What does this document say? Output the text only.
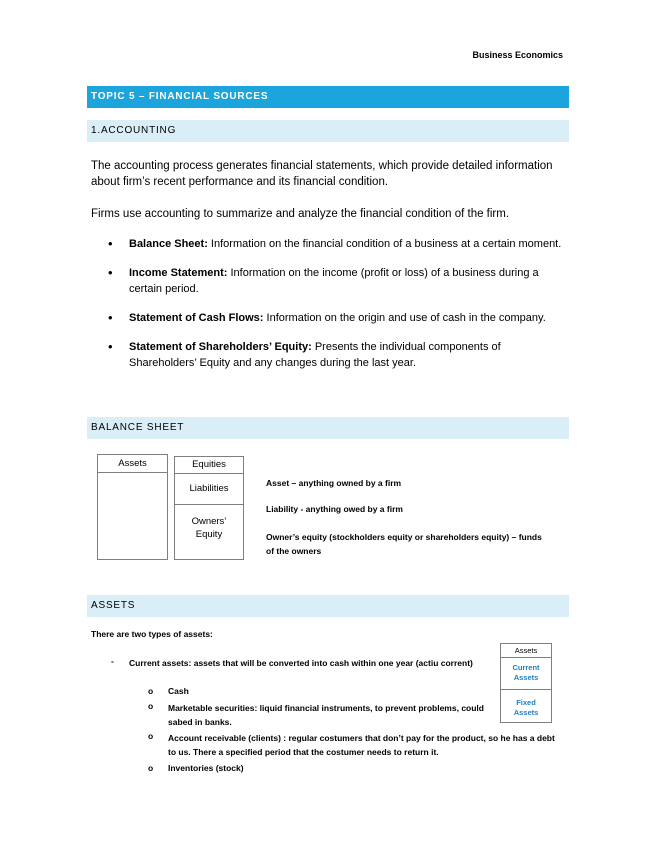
Business Economics
TOPIC 5 – FINANCIAL SOURCES
1.ACCOUNTING
The accounting process generates financial statements, which provide detailed information about firm’s recent performance and its financial condition.
Firms use accounting to summarize and analyze the financial condition of the firm.
• Balance Sheet: Information on the financial condition of a business at a certain moment.
• Income Statement: Information on the income (profit or loss) of a business during a certain period.
• Statement of Cash Flows: Information on the origin and use of cash in the company.
• Statement of Shareholders’ Equity: Presents the individual components of Shareholders’ Equity and any changes during the last year.
BALANCE SHEET
Assets	Equities
Liabilities
Owners’ Equity
Asset – anything owned by a firm
Liability - anything owed by a firm
Owner’s equity (stockholders equity or shareholders equity) – funds of the owners
ASSETS
There are two types of assets:
Assets
Current Assets
Fixed Assets
- Current assets: assets that will be converted into cash within one year (actiu corrent)
o Cash
o Marketable securities: liquid financial instruments, to prevent problems, could sabed in banks.
o Account receivable (clients) : regular costumers that don’t pay for the product, so he has a debt to us. There a specified period that the costumer needs to return it.
o Inventories (stock)
